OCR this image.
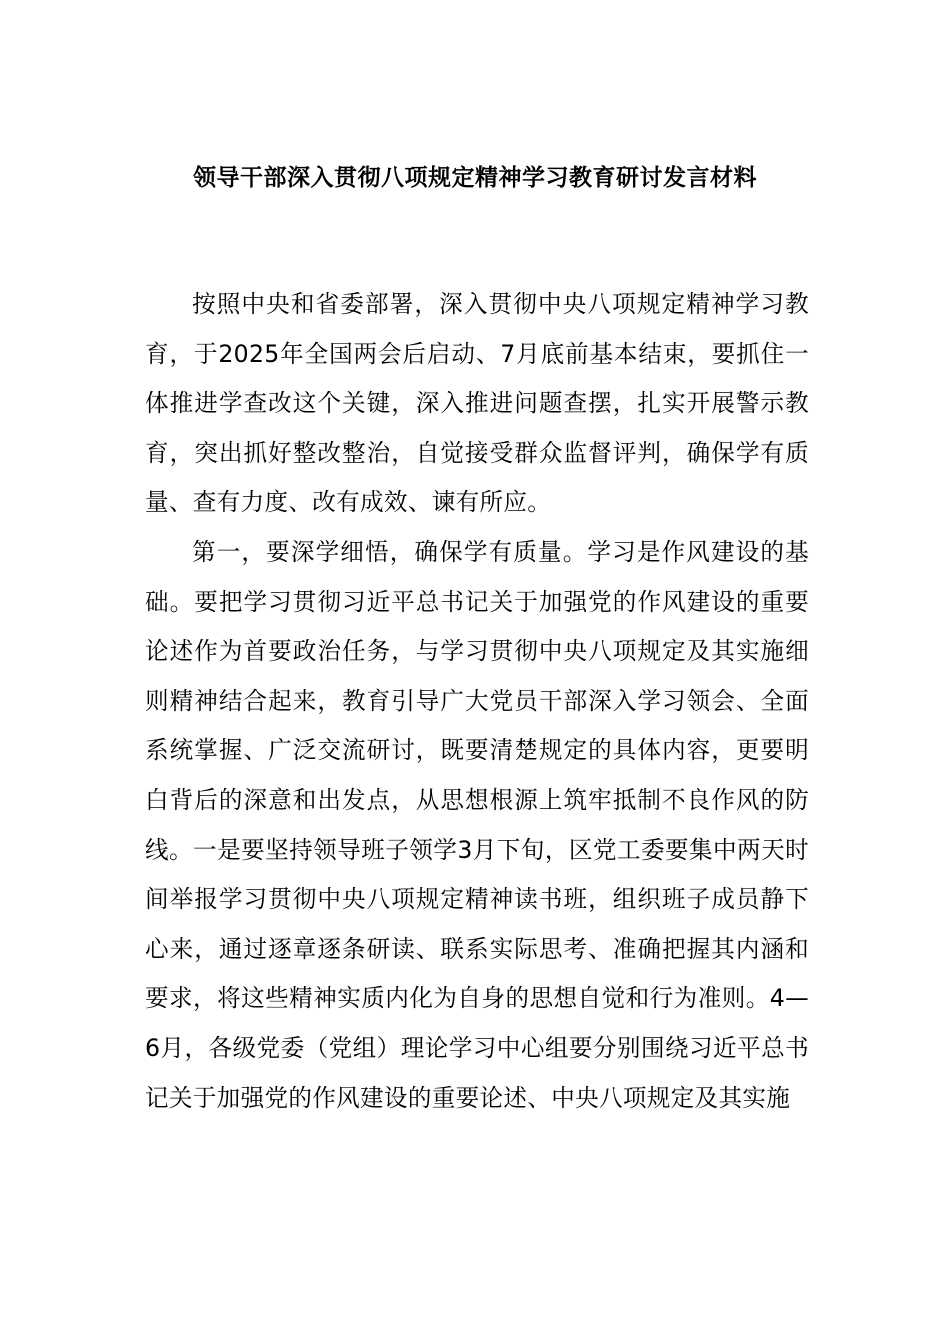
领导干部深入贯彻八项规定精神学习教育研讨发言材料

按照中央和省委部署，深入贯彻中央八项规定精神学习教育，于2025年全国两会后启动、7月底前基本结束，要抓住一体推进学查改这个关键，深入推进问题查摆，扎实开展警示教育，突出抓好整改整治，自觉接受群众监督评判，确保学有质量、查有力度、改有成效、谏有所应。

第一，要深学细悟，确保学有质量。学习是作风建设的基础。要把学习贯彻习近平总书记关于加强党的作风建设的重要论述作为首要政治任务，与学习贯彻中央八项规定及其实施细则精神结合起来，教育引导广大党员干部深入学习领会、全面系统掌握、广泛交流研讨，既要清楚规定的具体内容，更要明白背后的深意和出发点，从思想根源上筑牢抵制不良作风的防线。一是要坚持领导班子领学3月下旬，区党工委要集中两天时间举报学习贯彻中央八项规定精神读书班，组织班子成员静下心来，通过逐章逐条研读、联系实际思考、准确把握其内涵和要求，将这些精神实质内化为自身的思想自觉和行为准则。4—6月，各级党委（党组）理论学习中心组要分别围绕习近平总书记关于加强党的作风建设的重要论述、中央八项规定及其实施
